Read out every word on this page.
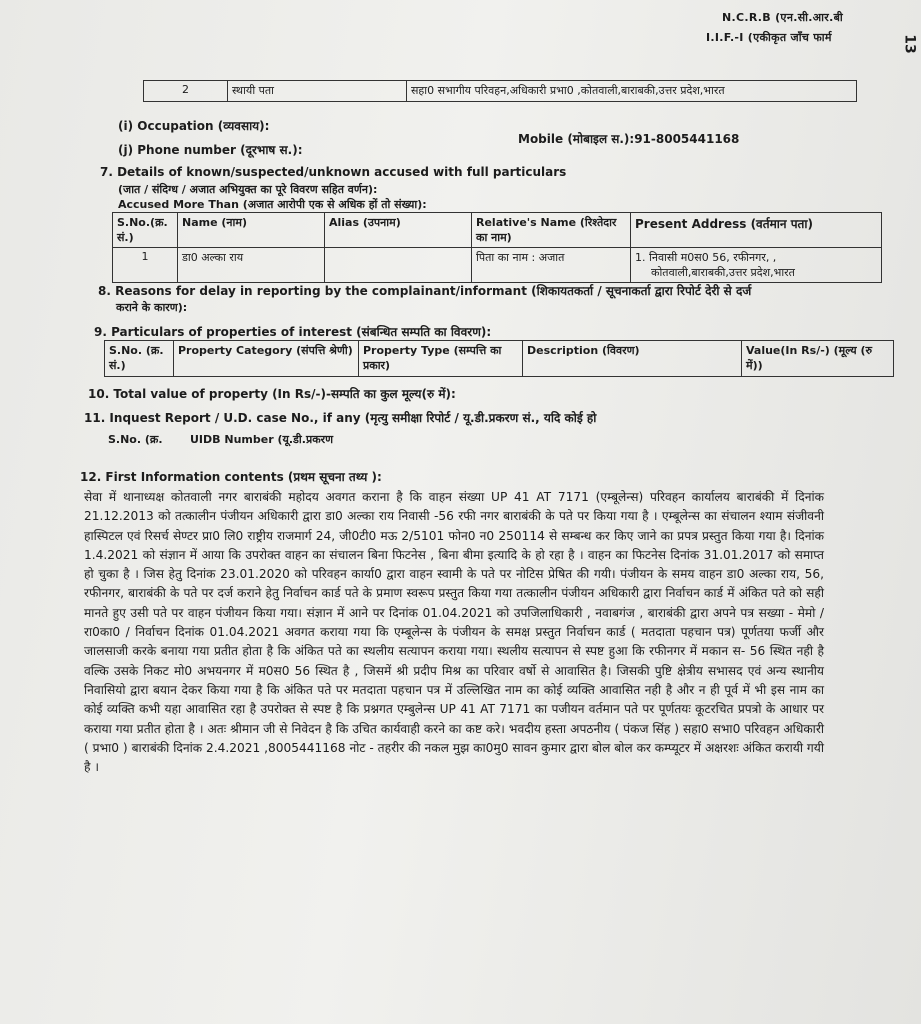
N.C.R.B (एन.सी.आर.बी
I.I.F.-I (एकीकृत जाँच फार्म	13
2	स्थायी पता	सहा0 सभागीय परिवहन,अधिकारी प्रभा0 ,कोतवाली,बाराबकी,उत्तर प्रदेश,भारत
(i) Occupation (व्यवसाय):
(j) Phone number (दूरभाष स.):
Mobile (मोबाइल स.):91-8005441168
7. Details of known/suspected/unknown accused with full particulars
(जात / संदिग्ध / अजात अभियुक्त का पूरे विवरण सहित वर्णन):
Accused More Than (अजात आरोपी एक से अधिक हों तो संख्या):
S.No.(क्र. सं.)	Name (नाम)	Alias (उपनाम)	Relative's Name (रिश्तेदार का नाम)	Present Address (वर्तमान पता)
1	डा0 अल्का राय		पिता का नाम : अजात	1. निवासी म0स0 56, रफीनगर, ,
कोतवाली,बाराबकी,उत्तर प्रदेश,भारत
8. Reasons for delay in reporting by the complainant/informant (शिकायतकर्ता / सूचनाकर्ता द्वारा रिपोर्ट देरी से दर्ज
कराने के कारण):
9. Particulars of properties of interest (संबन्धित सम्पति का विवरण):
S.No. (क्र. सं.)	Property Category (संपत्ति श्रेणी)	Property Type (सम्पत्ति का प्रकार)	Description (विवरण)	Value(In Rs/-) (मूल्य (रु में))
10. Total value of property (In Rs/-)-सम्पति का कुल मूल्य(रु में):
11. Inquest Report / U.D. case No., if any (मृत्यु समीक्षा रिपोर्ट / यू.डी.प्रकरण सं., यदि कोई हो
S.No. (क्र. UIDB Number (यू.डी.प्रकरण
12. First Information contents (प्रथम सूचना तथ्य ):
सेवा में थानाध्यक्ष कोतवाली नगर बाराबंकी महोदय अवगत कराना है कि वाहन संख्या UP 41 AT 7171 (एम्बूलेन्स) परिवहन कार्यालय बाराबंकी में दिनांक 21.12.2013 को तत्कालीन पंजीयन अधिकारी द्वारा डा0 अल्का राय निवासी -56 रफी नगर बाराबंकी के पते पर किया गया है । एम्बूलेन्स का संचालन श्याम संजीवनी हास्पिटल एवं रिसर्च सेण्टर प्रा0 लि0 राष्ट्रीय राजमार्ग 24, जी0टी0 मऊ 2/5101 फोन0 न0 250114 से सम्बन्ध कर किए जाने का प्रपत्र प्रस्तुत किया गया है। दिनांक 1.4.2021 को संज्ञान में आया कि उपरोक्त वाहन का संचालन बिना फिटनेस , बिना बीमा इत्यादि के हो रहा है । वाहन का फिटनेस दिनांक 31.01.2017 को समाप्त हो चुका है । जिस हेतु दिनांक 23.01.2020 को परिवहन कार्या0 द्वारा वाहन स्वामी के पते पर नोटिस प्रेषित की गयी। पंजीयन के समय वाहन डा0 अल्का राय, 56, रफीनगर, बाराबंकी के पते पर दर्ज कराने हेतु निर्वाचन कार्ड पते के प्रमाण स्वरूप प्रस्तुत किया गया तत्कालीन पंजीयन अधिकारी द्वारा निर्वाचन कार्ड में अंकित पते को सही मानते हुए उसी पते पर वाहन पंजीयन किया गया। संज्ञान में आने पर दिनांक 01.04.2021 को उपजिलाधिकारी , नवाबगंज , बाराबंकी द्वारा अपने पत्र सख्या - मेमो /रा0का0 / निर्वाचन दिनांक 01.04.2021 अवगत कराया गया कि एम्बूलेन्स के पंजीयन के समक्ष प्रस्तुत निर्वाचन कार्ड ( मतदाता पहचान पत्र) पूर्णतया फर्जी और जालसाजी करके बनाया गया प्रतीत होता है कि अंकित पते का स्थलीय सत्यापन कराया गया। स्थलीय सत्यापन से स्पष्ट हुआ कि रफीनगर में मकान स- 56 स्थित नही है वल्कि उसके निकट मो0 अभयनगर में म0स0 56 स्थित है , जिसमें श्री प्रदीप मिश्र का परिवार वर्षो से आवासित है। जिसकी पुष्टि क्षेत्रीय सभासद एवं अन्य स्थानीय निवासियो द्वारा बयान देकर किया गया है कि अंकित पते पर मतदाता पहचान पत्र में उल्लिखित नाम का कोई व्यक्ति आवासित नही है और न ही पूर्व में भी इस नाम का कोई व्यक्ति कभी यहा आवासित रहा है उपरोक्त से स्पष्ट है कि प्रश्नगत एम्बुलेन्स UP 41 AT 7171 का पजीयन वर्तमान पते पर पूर्णतयः कूटरचित प्रपत्रो के आधार पर कराया गया प्रतीत होता है । अतः श्रीमान जी से निवेदन है कि उचित कार्यवाही करने का कष्ट करे। भवदीय हस्ता अपठनीय ( पंकज सिंह ) सहा0 सभा0 परिवहन अधिकारी ( प्रभा0 ) बाराबंकी दिनांक 2.4.2021 ,8005441168 नोट - तहरीर की नकल मुझ का0मु0 सावन कुमार द्वारा बोल बोल कर कम्प्यूटर में अक्षरशः अंकित करायी गयी है ।
